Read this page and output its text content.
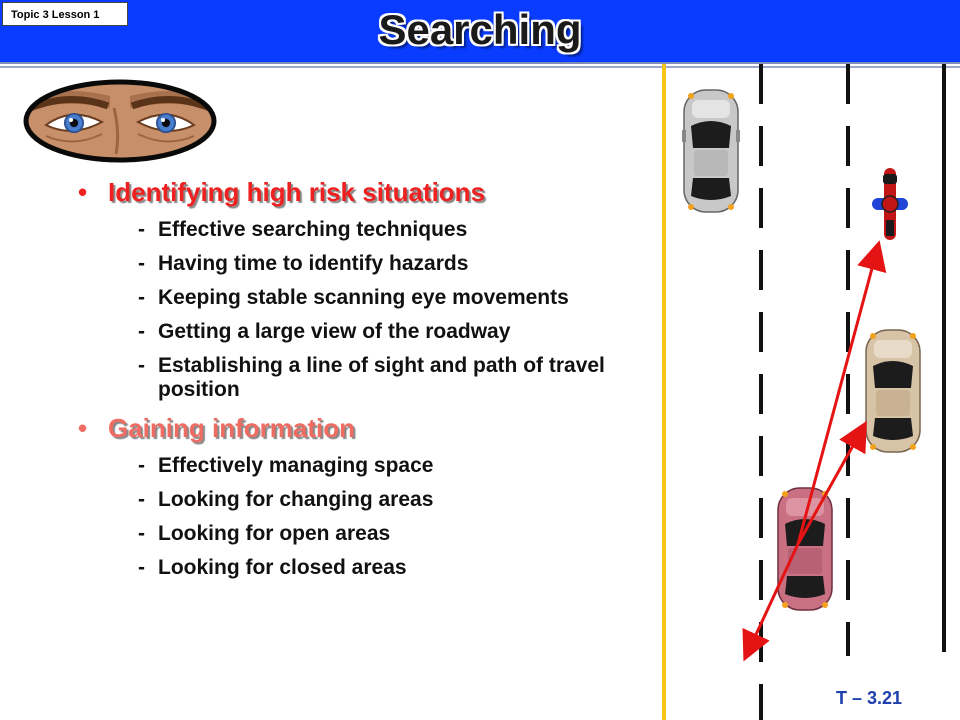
Topic 3 Lesson 1	Searching
• Identifying high risk situations
- Effective searching techniques
- Having time to identify hazards
- Keeping stable scanning eye movements
- Getting a large view of the roadway
- Establishing a line of sight and path of travel position
• Gaining information
- Effectively managing space
- Looking for changing areas
- Looking for open areas
- Looking for closed areas
T – 3.21
